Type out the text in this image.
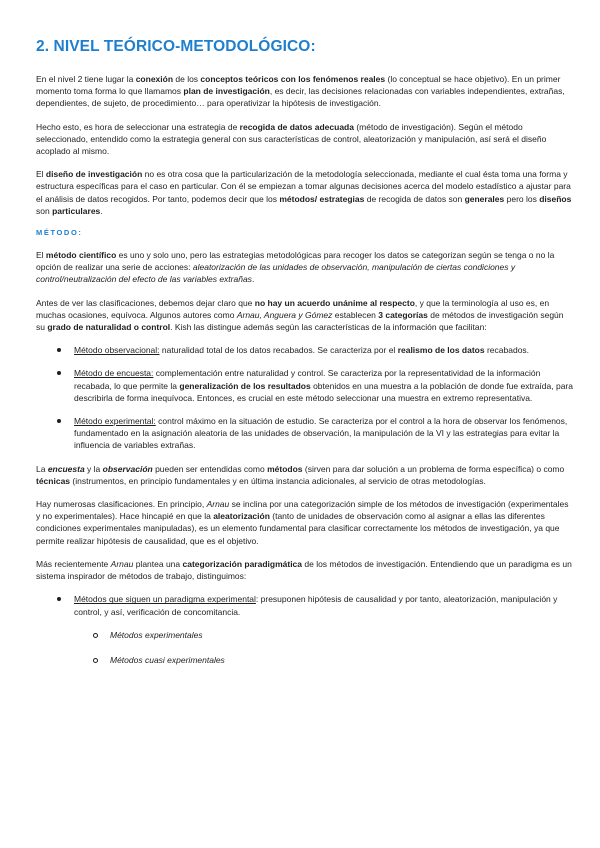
2. NIVEL TEÓRICO-METODOLÓGICO:

En el nivel 2 tiene lugar la conexión de los conceptos teóricos con los fenómenos reales (lo conceptual se hace objetivo). En un primer momento toma forma lo que llamamos plan de investigación, es decir, las decisiones relacionadas con variables independientes, extrañas, dependientes, de sujeto, de procedimiento… para operativizar la hipótesis de investigación.

Hecho esto, es hora de seleccionar una estrategia de recogida de datos adecuada (método de investigación). Según el método seleccionado, entendido como la estrategia general con sus características de control, aleatorización y manipulación, así será el diseño acoplado al mismo.

El diseño de investigación no es otra cosa que la particularización de la metodología seleccionada, mediante el cual ésta toma una forma y estructura específicas para el caso en particular. Con él se empiezan a tomar algunas decisiones acerca del modelo estadístico a ajustar para el análisis de datos recogidos. Por tanto, podemos decir que los métodos/ estrategias de recogida de datos son generales pero los diseños son particulares.

MÉTODO:

El método científico es uno y solo uno, pero las estrategias metodológicas para recoger los datos se categorizan según se tenga o no la opción de realizar una serie de acciones: aleatorización de las unidades de observación, manipulación de ciertas condiciones y control/neutralización del efecto de las variables extrañas.

Antes de ver las clasificaciones, debemos dejar claro que no hay un acuerdo unánime al respecto, y que la terminología al uso es, en muchas ocasiones, equívoca. Algunos autores como Arnau, Anguera y Gómez establecen 3 categorías de métodos de investigación según su grado de naturalidad o control. Kish las distingue además según las características de la información que facilitan:

Método observacional: naturalidad total de los datos recabados. Se caracteriza por el realismo de los datos recabados.
Método de encuesta: complementación entre naturalidad y control. Se caracteriza por la representatividad de la información recabada, lo que permite la generalización de los resultados obtenidos en una muestra a la población de donde fue extraída, para describirla de forma inequívoca. Entonces, es crucial en este método seleccionar una muestra en extremo representativa.
Método experimental: control máximo en la situación de estudio. Se caracteriza por el control a la hora de observar los fenómenos, fundamentado en la asignación aleatoria de las unidades de observación, la manipulación de la VI y las estrategias para evitar la influencia de variables extrañas.

La encuesta y la observación pueden ser entendidas como métodos (sirven para dar solución a un problema de forma específica) o como técnicas (instrumentos, en principio fundamentales y en última instancia adicionales, al servicio de otras metodologías.

Hay numerosas clasificaciones. En principio, Arnau se inclina por una categorización simple de los métodos de investigación (experimentales y no experimentales). Hace hincapié en que la aleatorización (tanto de unidades de observación como al asignar a ellas las diferentes condiciones experimentales manipuladas), es un elemento fundamental para clasificar correctamente los métodos de investigación, ya que permite realizar hipótesis de causalidad, que es el objetivo.

Más recientemente Arnau plantea una categorización paradigmática de los métodos de investigación. Entendiendo que un paradigma es un sistema inspirador de métodos de trabajo, distinguimos:

Métodos que siguen un paradigma experimental: presuponen hipótesis de causalidad y por tanto, aleatorización, manipulación y control, y así, verificación de concomitancia.
Métodos experimentales
Métodos cuasi experimentales
